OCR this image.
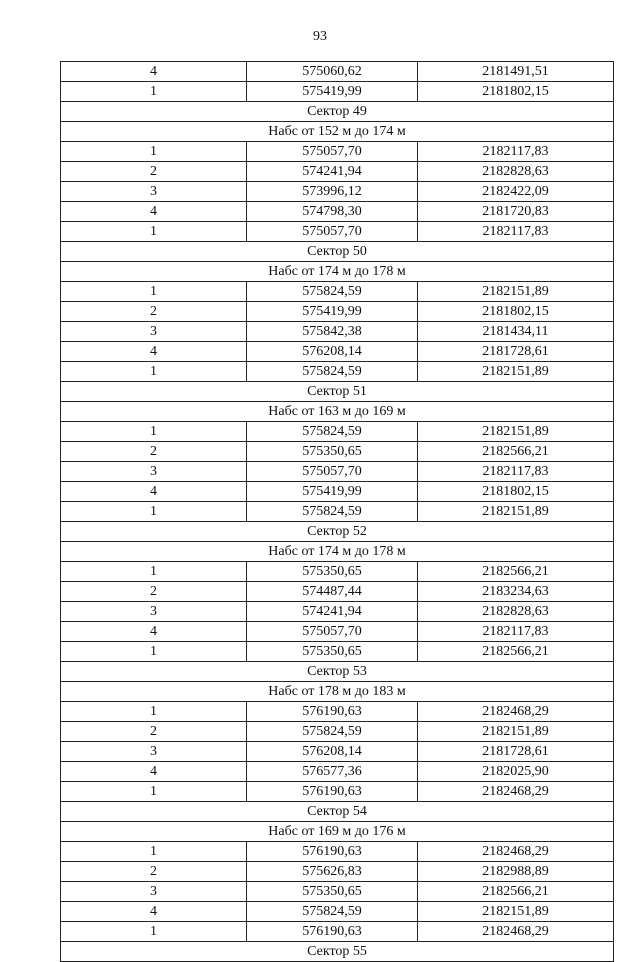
93
4	575060,62	2181491,51
1	575419,99	2181802,15
Сектор 49		
Набс от 152 м до 174 м		
1	575057,70	2182117,83
2	574241,94	2182828,63
3	573996,12	2182422,09
4	574798,30	2181720,83
1	575057,70	2182117,83
Сектор 50		
Набс от 174 м до 178 м		
1	575824,59	2182151,89
2	575419,99	2181802,15
3	575842,38	2181434,11
4	576208,14	2181728,61
1	575824,59	2182151,89
Сектор 51		
Набс от 163 м до 169 м		
1	575824,59	2182151,89
2	575350,65	2182566,21
3	575057,70	2182117,83
4	575419,99	2181802,15
1	575824,59	2182151,89
Сектор 52		
Набс от 174 м до 178 м		
1	575350,65	2182566,21
2	574487,44	2183234,63
3	574241,94	2182828,63
4	575057,70	2182117,83
1	575350,65	2182566,21
Сектор 53		
Набс от 178 м до 183 м		
1	576190,63	2182468,29
2	575824,59	2182151,89
3	576208,14	2181728,61
4	576577,36	2182025,90
1	576190,63	2182468,29
Сектор 54		
Набс от 169 м до 176 м		
1	576190,63	2182468,29
2	575626,83	2182988,89
3	575350,65	2182566,21
4	575824,59	2182151,89
1	576190,63	2182468,29
Сектор 55		
